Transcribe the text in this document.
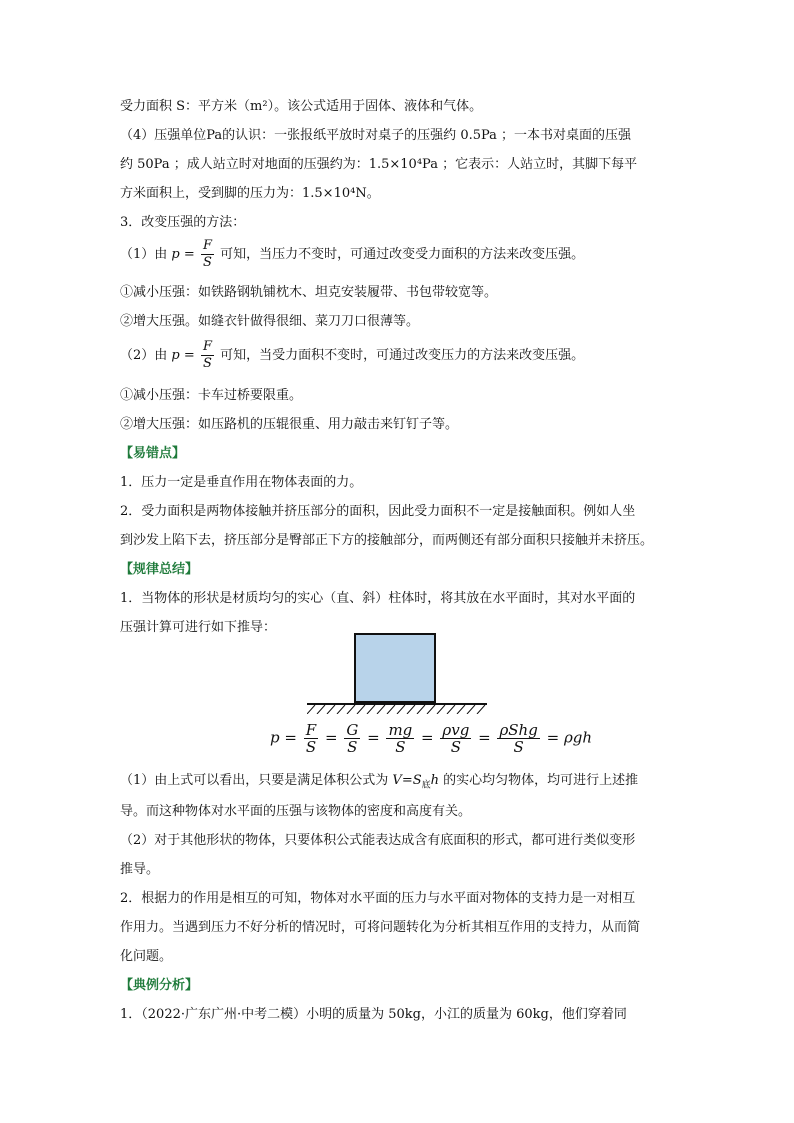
受力面积 S：平方米（m²）。该公式适用于固体、液体和气体。
（4）压强单位Pa的认识：一张报纸平放时对桌子的压强约 0.5Pa ；一本书对桌面的压强
约 50Pa ；成人站立时对地面的压强约为：1.5×10⁴Pa ；它表示：人站立时，其脚下每平
方米面积上，受到脚的压力为：1.5×10⁴N。
3．改变压强的方法：
（1）由 $p = \frac{F}{S}$ 可知，当压力不变时，可通过改变受力面积的方法来改变压强。
①减小压强：如铁路钢轨铺枕木、坦克安装履带、书包带较宽等。
②增大压强。如缝衣针做得很细、菜刀刀口很薄等。
（2）由 $p = \frac{F}{S}$ 可知，当受力面积不变时，可通过改变压力的方法来改变压强。
①减小压强：卡车过桥要限重。
②增大压强：如压路机的压辊很重、用力敲击来钉钉子等。
【易错点】
1．压力一定是垂直作用在物体表面的力。
2．受力面积是两物体接触并挤压部分的面积，因此受力面积不一定是接触面积。例如人坐
到沙发上陷下去，挤压部分是臀部正下方的接触部分，而两侧还有部分面积只接触并未挤压。
【规律总结】
1．当物体的形状是材质均匀的实心（直、斜）柱体时，将其放在水平面时，其对水平面的
压强计算可进行如下推导：
$p = \frac{F}{S} = \frac{G}{S} = \frac{mg}{S} = \frac{\text{ρvg}}{S} = \frac{\text{ρShg}}{S} = \rho gh$
（1）由上式可以看出，只要是满足体积公式为 $V=S_底h$ 的实心均匀物体，均可进行上述推
导。而这种物体对水平面的压强与该物体的密度和高度有关。
（2）对于其他形状的物体，只要体积公式能表达成含有底面积的形式，都可进行类似变形
推导。
2．根据力的作用是相互的可知，物体对水平面的压力与水平面对物体的支持力是一对相互
作用力。当遇到压力不好分析的情况时，可将问题转化为分析其相互作用的支持力，从而简
化问题。
【典例分析】
1．（2022·广东广州·中考二模）小明的质量为 50kg，小江的质量为 60kg，他们穿着同
